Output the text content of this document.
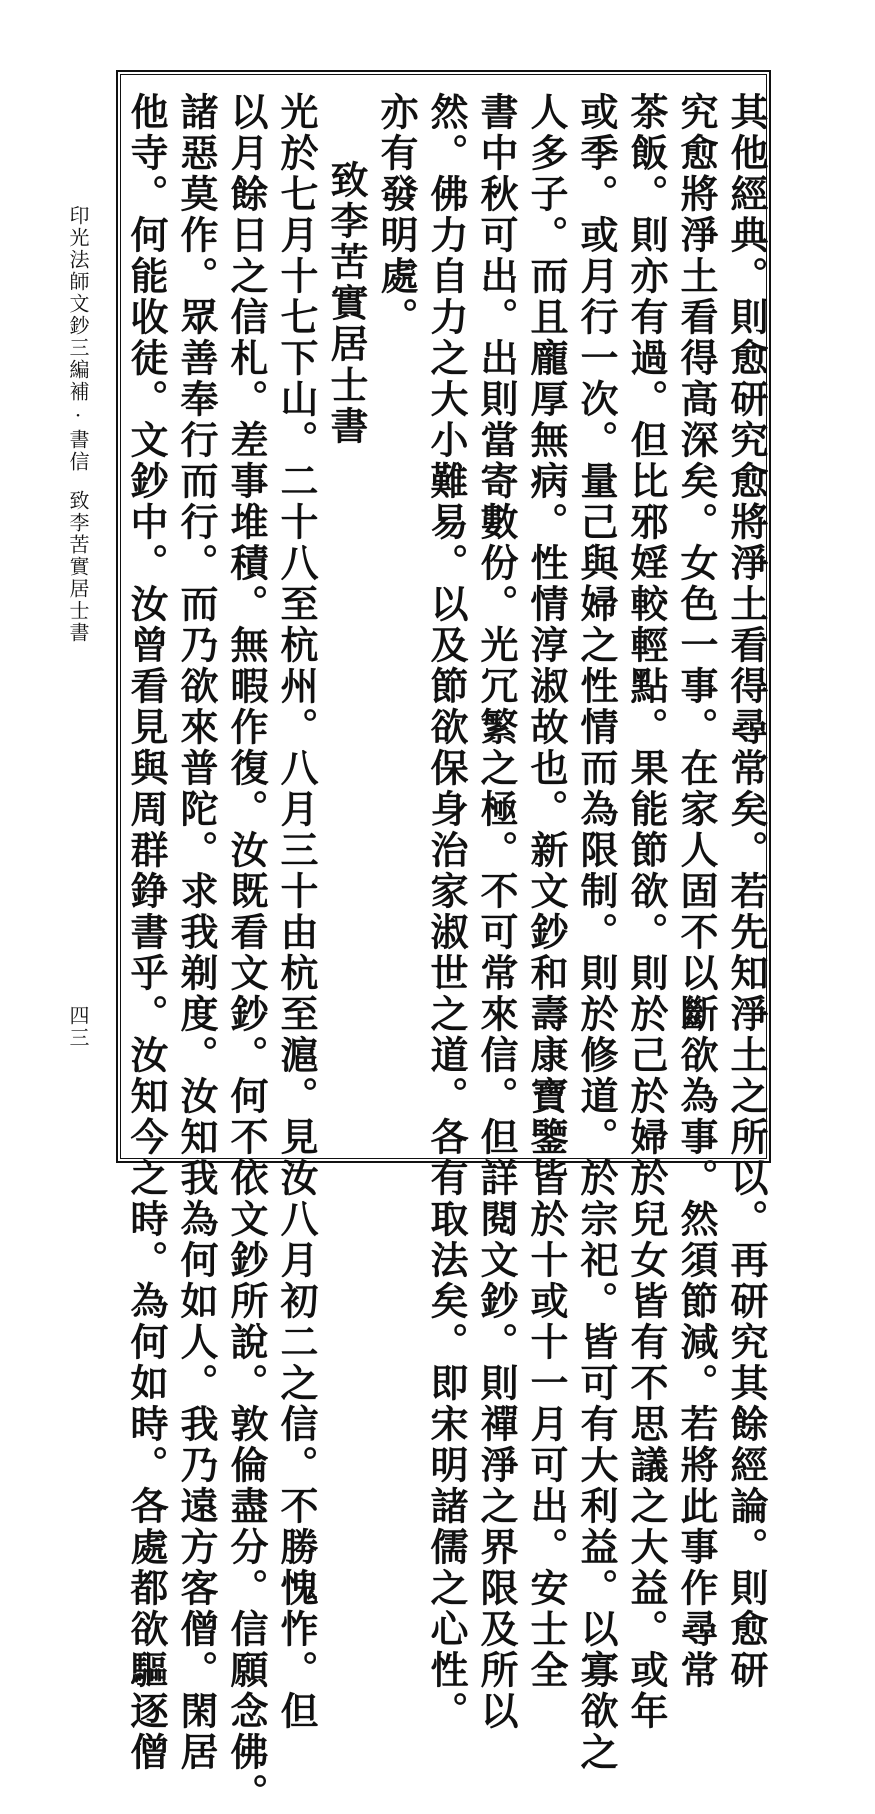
印光法師文鈔三編補·書信
致李苦實居士書
四三	其他經典。則愈研究愈將淨土看得尋常矣。若先知淨土之所以。再研究其餘經論。則愈研
究愈將淨土看得高深矣。女色一事。在家人固不以斷欲為事。然須節減。若將此事作尋常
茶飯。則亦有過。但比邪婬較輕點。果能節欲。則於己於婦於兒女皆有不思議之大益。或年
或季。或月行一次。量己與婦之性情而為限制。則於修道。於宗祀。皆可有大利益。以寡欲之
人多子。而且龐厚無病。性情淳淑故也。新文鈔和壽康寶鑒皆於十或十一月可出。安士全
書中秋可出。出則當寄數份。光冗繁之極。不可常來信。但詳閱文鈔。則禪淨之界限及所以
然。佛力自力之大小難易。以及節欲保身治家淑世之道。各有取法矣。即宋明諸儒之心性。
亦有發明處。
致李苦實居士書
光於七月十七下山。二十八至杭州。八月三十由杭至滬。見汝八月初二之信。不勝愧怍。但
以月餘日之信札。差事堆積。無暇作復。汝既看文鈔。何不依文鈔所說。敦倫盡分。信願念佛。
諸惡莫作。眾善奉行而行。而乃欲來普陀。求我剃度。汝知我為何如人。我乃遠方客僧。閑居
他寺。何能收徒。文鈔中。汝曾看見與周群錚書乎。汝知今之時。為何如時。各處都欲驅逐僧
